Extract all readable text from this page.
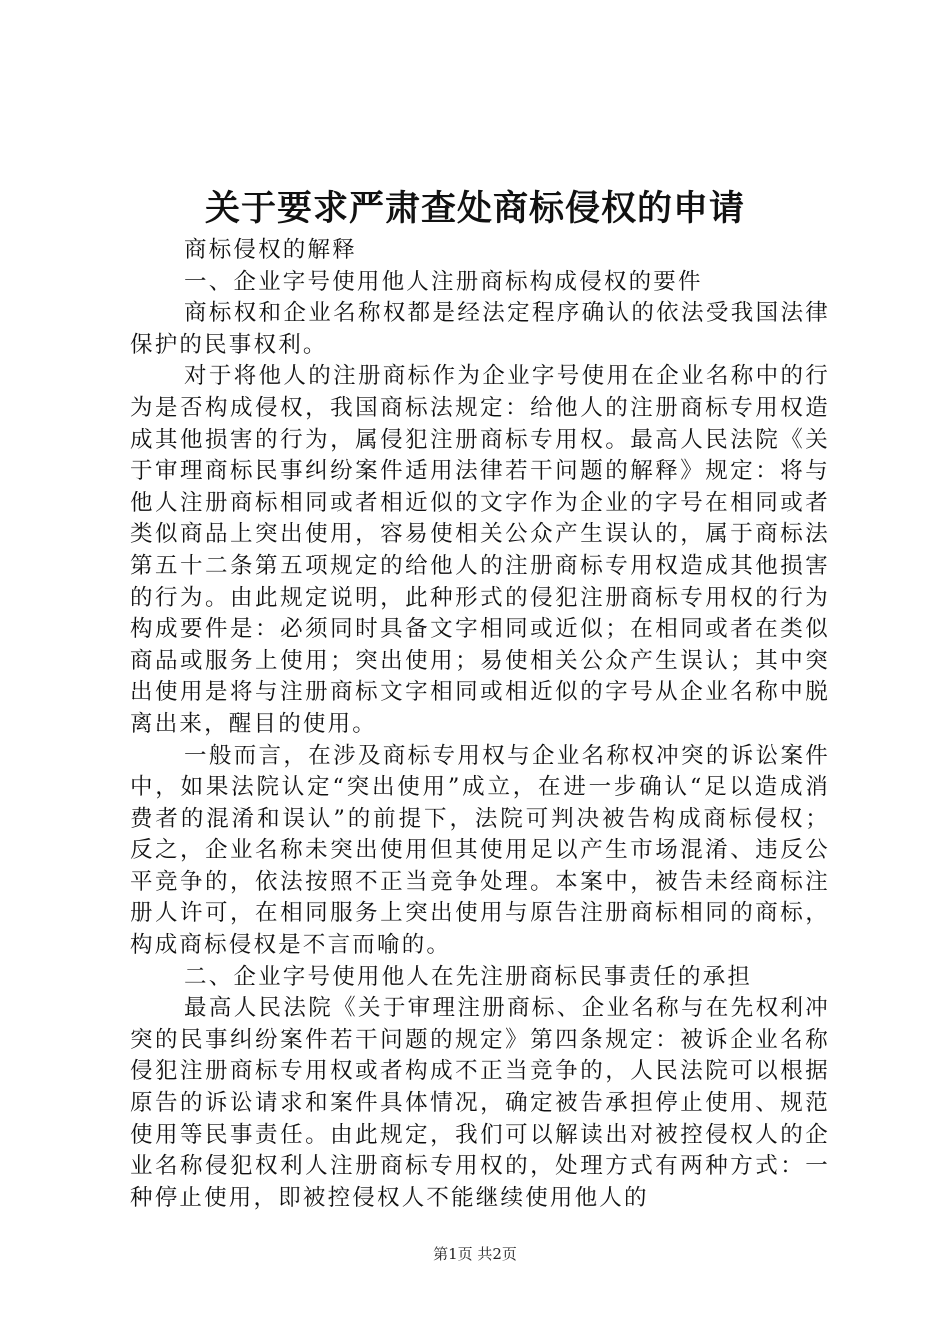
关于要求严肃查处商标侵权的申请

商标侵权的解释

一、企业字号使用他人注册商标构成侵权的要件

商标权和企业名称权都是经法定程序确认的依法受我国法律保护的民事权利。

对于将他人的注册商标作为企业字号使用在企业名称中的行为是否构成侵权，我国商标法规定：给他人的注册商标专用权造成其他损害的行为，属侵犯注册商标专用权。最高人民法院《关于审理商标民事纠纷案件适用法律若干问题的解释》规定：将与他人注册商标相同或者相近似的文字作为企业的字号在相同或者类似商品上突出使用，容易使相关公众产生误认的，属于商标法第五十二条第五项规定的给他人的注册商标专用权造成其他损害的行为。由此规定说明，此种形式的侵犯注册商标专用权的行为构成要件是：必须同时具备文字相同或近似；在相同或者在类似商品或服务上使用；突出使用；易使相关公众产生误认；其中突出使用是将与注册商标文字相同或相近似的字号从企业名称中脱离出来，醒目的使用。

一般而言，在涉及商标专用权与企业名称权冲突的诉讼案件中，如果法院认定“突出使用”成立，在进一步确认“足以造成消费者的混淆和误认”的前提下，法院可判决被告构成商标侵权；反之，企业名称未突出使用但其使用足以产生市场混淆、违反公平竞争的，依法按照不正当竞争处理。本案中，被告未经商标注册人许可，在相同服务上突出使用与原告注册商标相同的商标，构成商标侵权是不言而喻的。

二、企业字号使用他人在先注册商标民事责任的承担

最高人民法院《关于审理注册商标、企业名称与在先权利冲突的民事纠纷案件若干问题的规定》第四条规定：被诉企业名称侵犯注册商标专用权或者构成不正当竞争的，人民法院可以根据原告的诉讼请求和案件具体情况，确定被告承担停止使用、规范使用等民事责任。由此规定，我们可以解读出对被控侵权人的企业名称侵犯权利人注册商标专用权的，处理方式有两种方式：一种停止使用，即被控侵权人不能继续使用他人的

第1页 共2页
